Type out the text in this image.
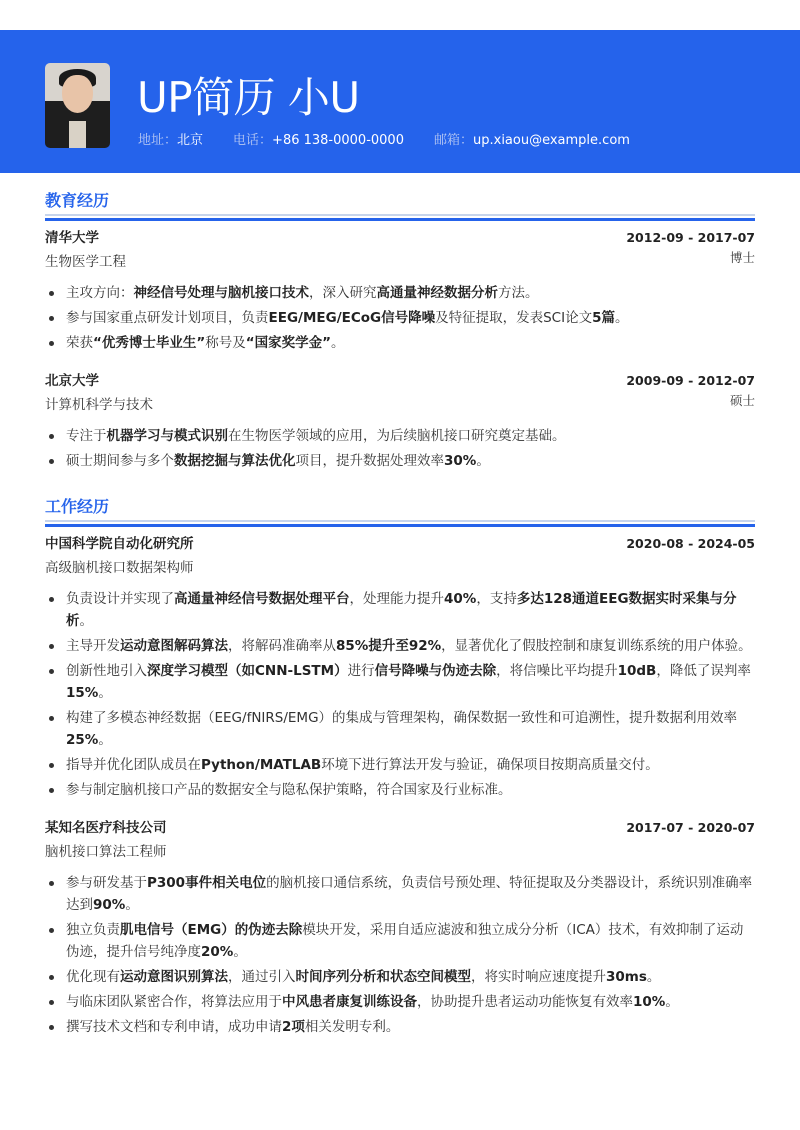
UP简历 小U
地址： 北京 电话： +86 138-0000-0000 邮箱： up.xiaou@example.com
教育经历
清华大学	2012-09 - 2017-07
生物医学工程	博士
主攻方向：神经信号处理与脑机接口技术，深入研究高通量神经数据分析方法。
参与国家重点研发计划项目，负责EEG/MEG/ECoG信号降噪及特征提取，发表SCI论文5篇。
荣获“优秀博士毕业生”称号及“国家奖学金”。
北京大学	2009-09 - 2012-07
计算机科学与技术	硕士
专注于机器学习与模式识别在生物医学领域的应用，为后续脑机接口研究奠定基础。
硕士期间参与多个数据挖掘与算法优化项目，提升数据处理效率30%。
工作经历
中国科学院自动化研究所	2020-08 - 2024-05
高级脑机接口数据架构师
负责设计并实现了高通量神经信号数据处理平台，处理能力提升40%，支持多达128通道EEG数据实时采集与分析。
主导开发运动意图解码算法，将解码准确率从85%提升至92%，显著优化了假肢控制和康复训练系统的用户体验。
创新性地引入深度学习模型（如CNN-LSTM）进行信号降噪与伪迹去除，将信噪比平均提升10dB，降低了误判率15%。
构建了多模态神经数据（EEG/fNIRS/EMG）的集成与管理架构，确保数据一致性和可追溯性，提升数据利用效率25%。
指导并优化团队成员在Python/MATLAB环境下进行算法开发与验证，确保项目按期高质量交付。
参与制定脑机接口产品的数据安全与隐私保护策略，符合国家及行业标准。
某知名医疗科技公司	2017-07 - 2020-07
脑机接口算法工程师
参与研发基于P300事件相关电位的脑机接口通信系统，负责信号预处理、特征提取及分类器设计，系统识别准确率达到90%。
独立负责肌电信号（EMG）的伪迹去除模块开发，采用自适应滤波和独立成分分析（ICA）技术，有效抑制了运动伪迹，提升信号纯净度20%。
优化现有运动意图识别算法，通过引入时间序列分析和状态空间模型，将实时响应速度提升30ms。
与临床团队紧密合作，将算法应用于中风患者康复训练设备，协助提升患者运动功能恢复有效率10%。
撰写技术文档和专利申请，成功申请2项相关发明专利。
